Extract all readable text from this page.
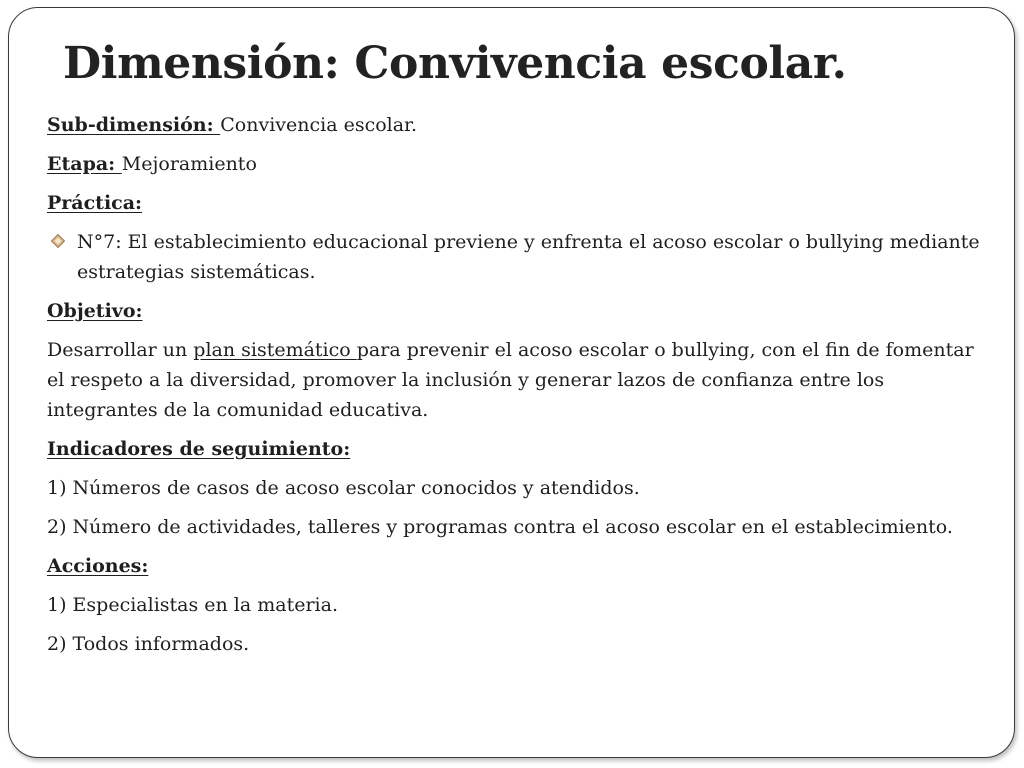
Dimensión: Convivencia escolar.

Sub-dimensión: Convivencia escolar.

Etapa: Mejoramiento

Práctica:

N°7: El establecimiento educacional previene y enfrenta el acoso escolar o bullying mediante estrategias sistemáticas.

Objetivo:

Desarrollar un plan sistemático para prevenir el acoso escolar o bullying, con el fin de fomentar el respeto a la diversidad, promover la inclusión y generar lazos de confianza entre los integrantes de la comunidad educativa.

Indicadores de seguimiento:

1) Números de casos de acoso escolar conocidos y atendidos.

2) Número de actividades, talleres y programas contra el acoso escolar en el establecimiento.

Acciones:

1) Especialistas en la materia.

2) Todos informados.
